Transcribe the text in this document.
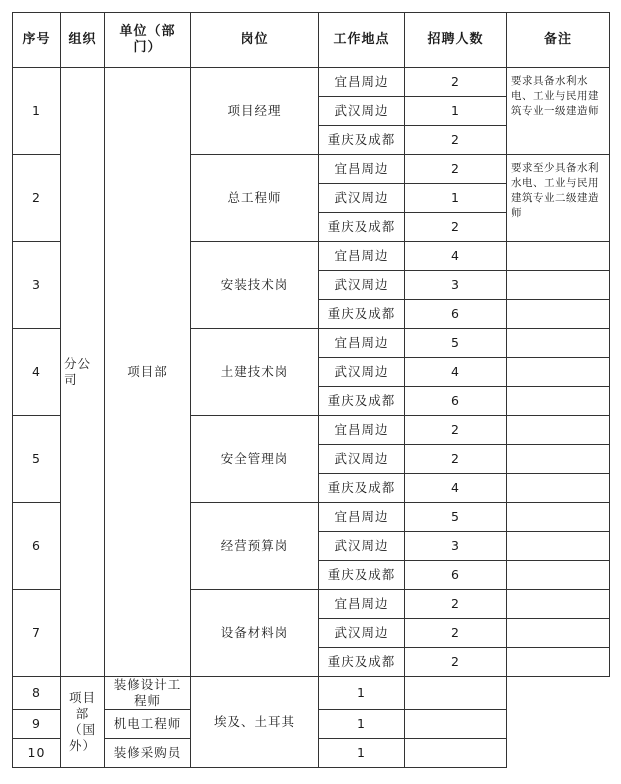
序号	组织	单位（部门）	岗位	工作地点	招聘人数	备注
1	分公司	项目部	项目经理	宜昌周边	2	要求具备水利水电、工业与民用建筑专业一级建造师
				武汉周边	1	
				重庆及成都	2	
2			总工程师	宜昌周边	2	要求至少具备水利水电、工业与民用建筑专业二级建造师
				武汉周边	1	
				重庆及成都	2	
3			安装技术岗	宜昌周边	4	
				武汉周边	3	
				重庆及成都	6	
4			土建技术岗	宜昌周边	5	
				武汉周边	4	
				重庆及成都	6	
5			安全管理岗	宜昌周边	2	
				武汉周边	2	
				重庆及成都	4	
6			经营预算岗	宜昌周边	5	
				武汉周边	3	
				重庆及成都	6	
7			设备材料岗	宜昌周边	2	
				武汉周边	2	
				重庆及成都	2	
8	项目部（国外）	装修设计工程师	埃及、土耳其	1		
9		机电工程师		1		
10		装修采购员		1		
